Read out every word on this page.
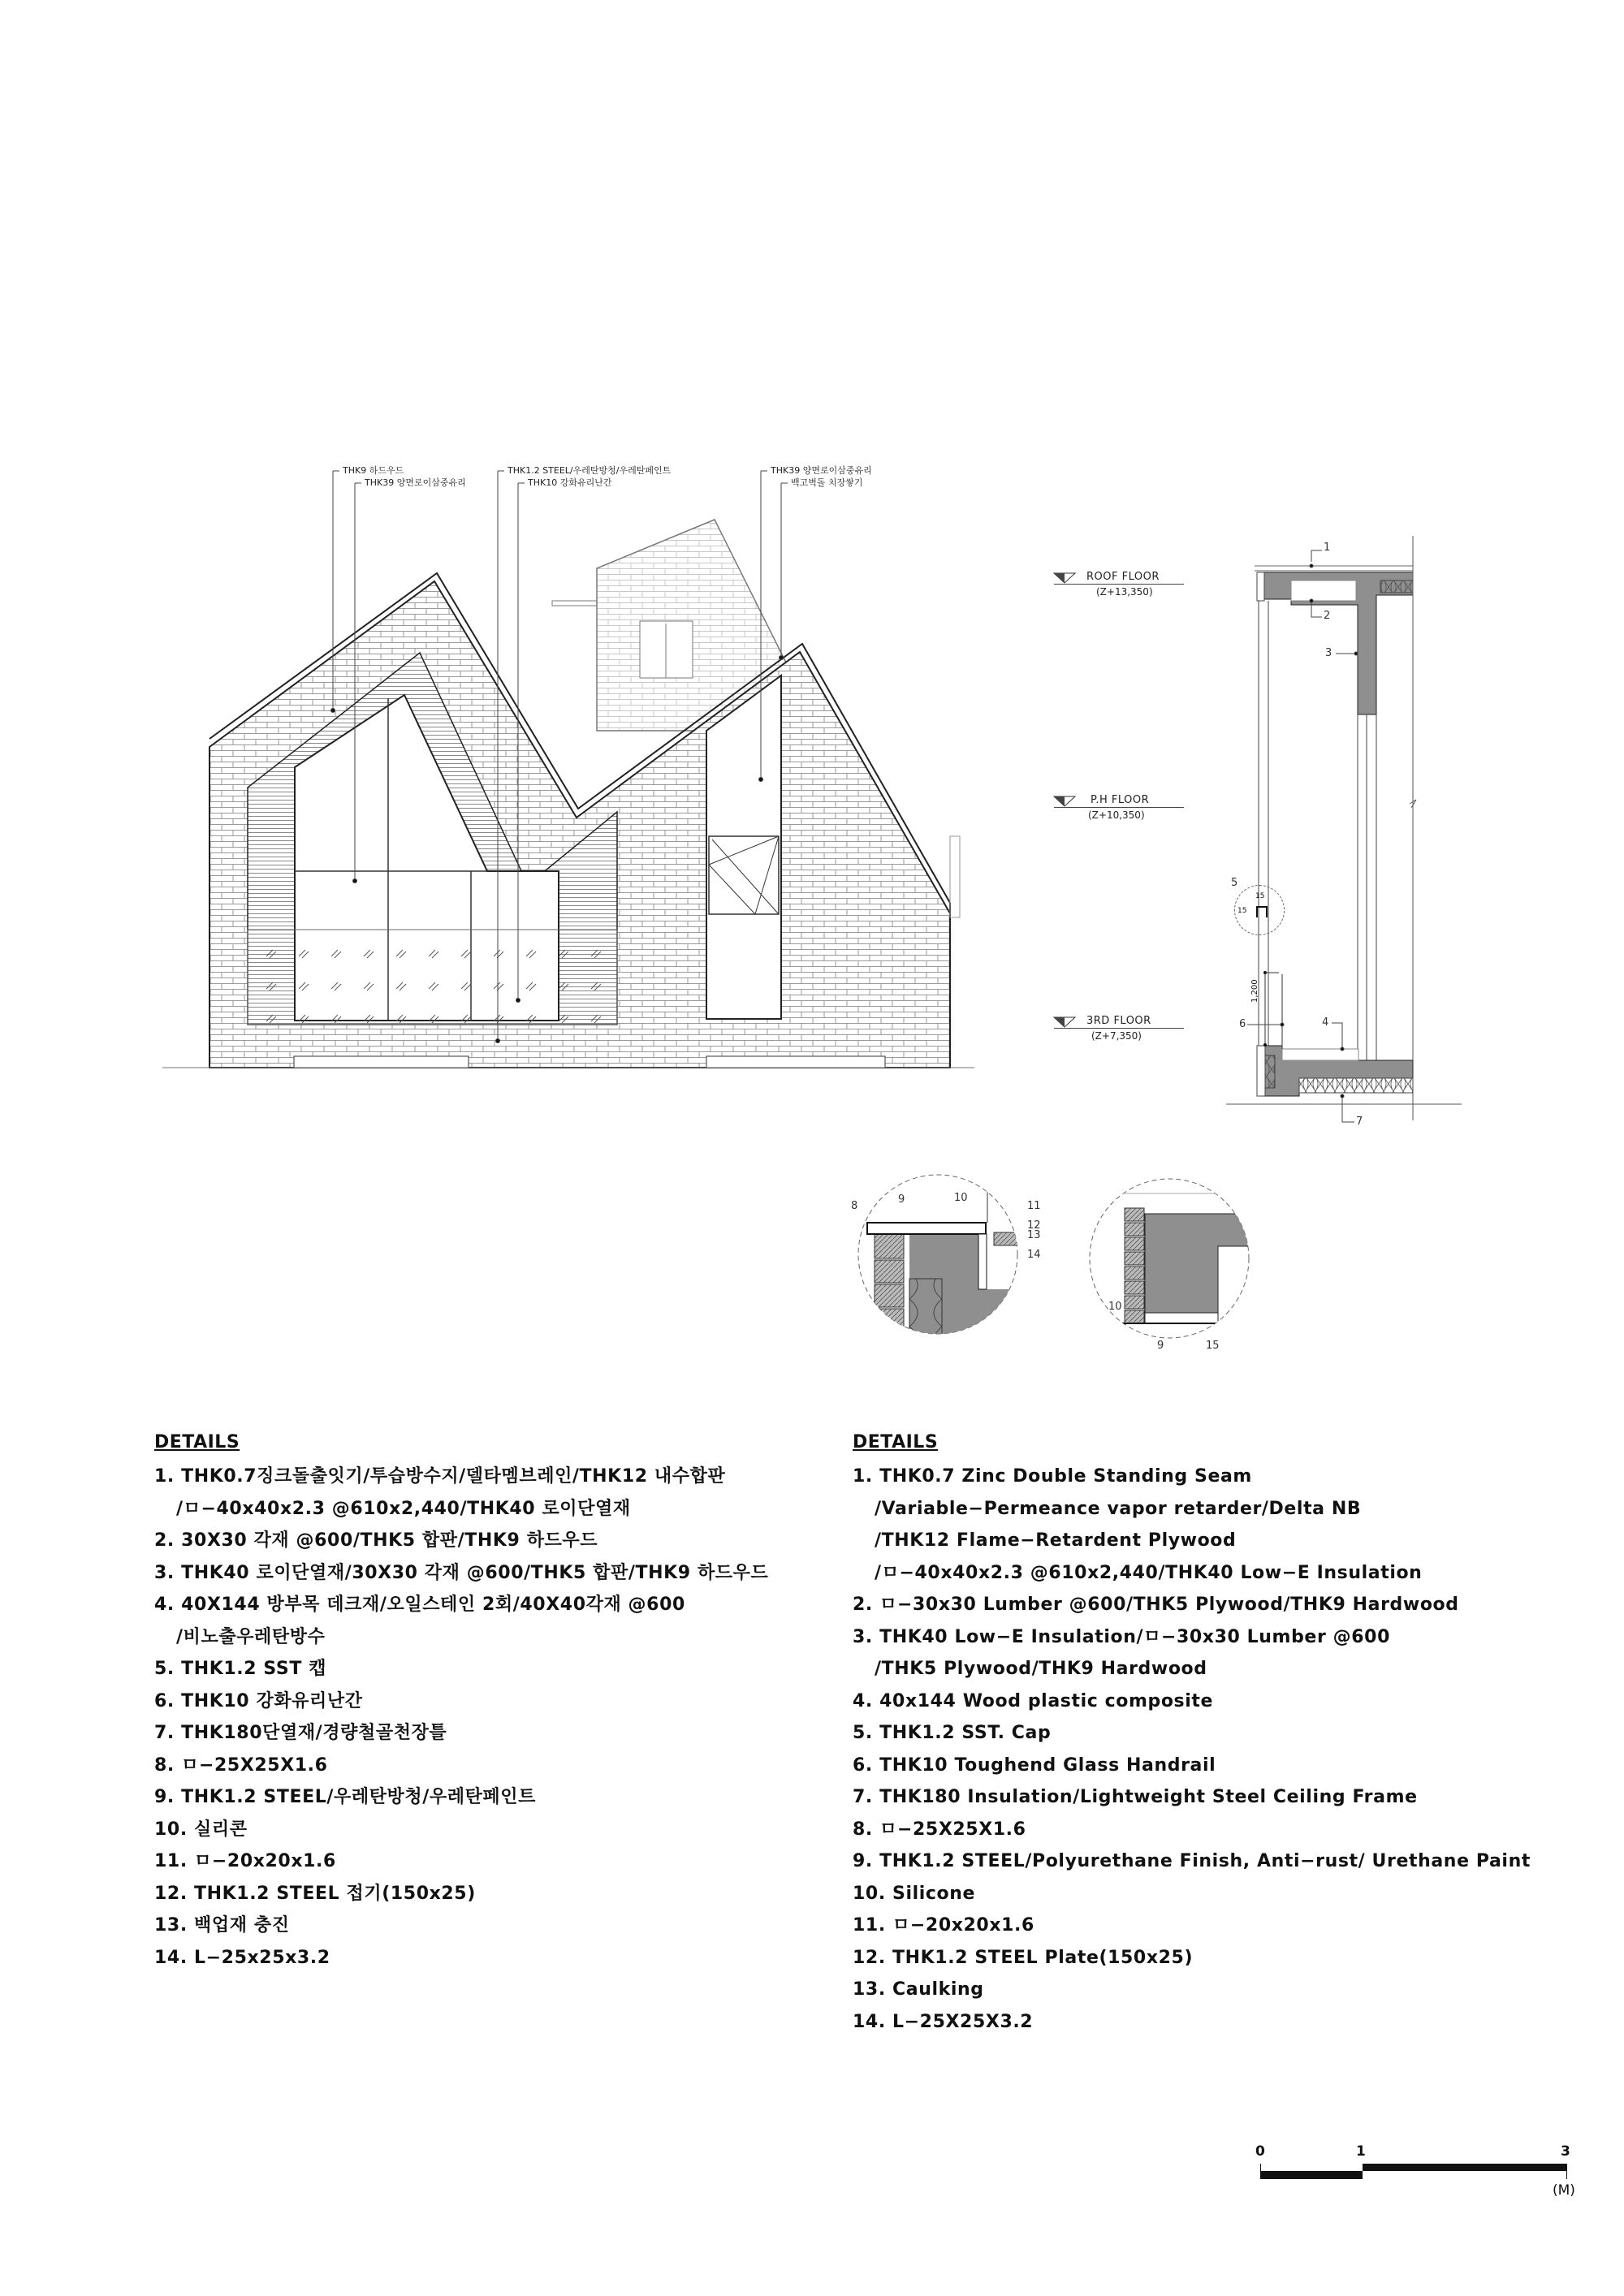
THK9 하드우드
THK39 양면로이삼중유리
THK1.2 STEEL/우레탄방청/우레탄페인트
THK10 강화유리난간
THK39 양면로이삼중유리
백고벽돌 치장쌓기
ROOF FLOOR
(Z+13,350)
P.H FLOOR
(Z+10,350)
3RD FLOOR
(Z+7,350)
1
2
3
4
5
6
7
1,200
15
15
8
9	10
11
12
13
14
10
9	15
DETAILS
1. THK0.7징크돌출잇기/투습방수지/델타멤브레인/THK12 내수합판
/ㅁ−40x40x2.3 @610x2,440/THK40 로이단열재
2. 30X30 각재 @600/THK5 합판/THK9 하드우드
3. THK40 로이단열재/30X30 각재 @600/THK5 합판/THK9 하드우드
4. 40X144 방부목 데크재/오일스테인 2회/40X40각재 @600
/비노출우레탄방수
5. THK1.2 SST 캡
6. THK10 강화유리난간
7. THK180단열재/경량철골천장틀
8. ㅁ−25X25X1.6
9. THK1.2 STEEL/우레탄방청/우레탄페인트
10. 실리콘
11. ㅁ−20x20x1.6
12. THK1.2 STEEL 접기(150x25)
13. 백업재 충진
14. L−25x25x3.2
DETAILS
1. THK0.7 Zinc Double Standing Seam
/Variable−Permeance vapor retarder/Delta NB
/THK12 Flame−Retardent Plywood
/ㅁ−40x40x2.3 @610x2,440/THK40 Low−E Insulation
2. ㅁ−30x30 Lumber @600/THK5 Plywood/THK9 Hardwood
3. THK40 Low−E Insulation/ㅁ−30x30 Lumber @600
/THK5 Plywood/THK9 Hardwood
4. 40x144 Wood plastic composite
5. THK1.2 SST. Cap
6. THK10 Toughend Glass Handrail
7. THK180 Insulation/Lightweight Steel Ceiling Frame
8. ㅁ−25X25X1.6
9. THK1.2 STEEL/Polyurethane Finish, Anti−rust/ Urethane Paint
10. Silicone
11. ㅁ−20x20x1.6
12. THK1.2 STEEL Plate(150x25)
13. Caulking
14. L−25X25X3.2
0	1	3
(M)
